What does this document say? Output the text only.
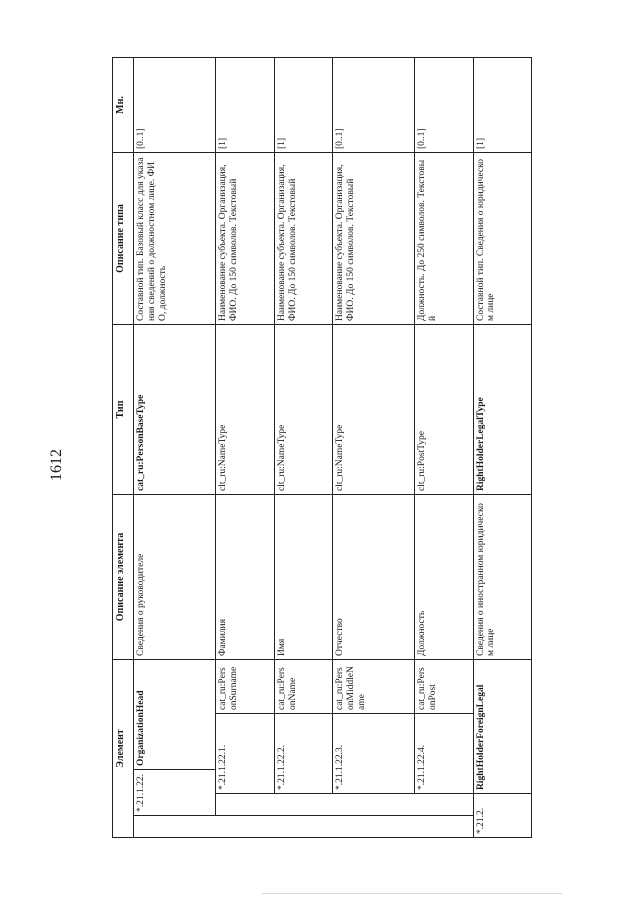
1612
Элемент					Описание элемента	Тип	Описание типа	Мн.
	*.21.1.22.		OrganizationHead		Сведения о руководителе	cat_ru:PersonBaseType	Составной тип. Базовый класс для указания сведений о должностном лице. ФИО, должность	[0..1]
		*.21.1.22.1.		cat_ru:PersonSurname	Фамилия	clt_ru:NameType	Наименование субъекта. Организация, ФИО. До 150 символов. Текстовый	[1]
		*.21.1.22.2.		cat_ru:PersonName	Имя	clt_ru:NameType	Наименование субъекта. Организация, ФИО. До 150 символов. Текстовый	[1]
		*.21.1.22.3.		cat_ru:PersonMiddleName	Отчество	clt_ru:NameType	Наименование субъекта. Организация, ФИО. До 150 символов. Текстовый	[0..1]
		*.21.1.22.4.		cat_ru:PersonPost	Должность	clt_ru:PostType	Должность. До 250 символов. Текстовый	[0..1]
*.21.2.		RightHolderForeignLegal			Сведения о иностранном юридическом лице	RightHolderLegalType	Составной тип. Сведения о юридическом лице	[1]
